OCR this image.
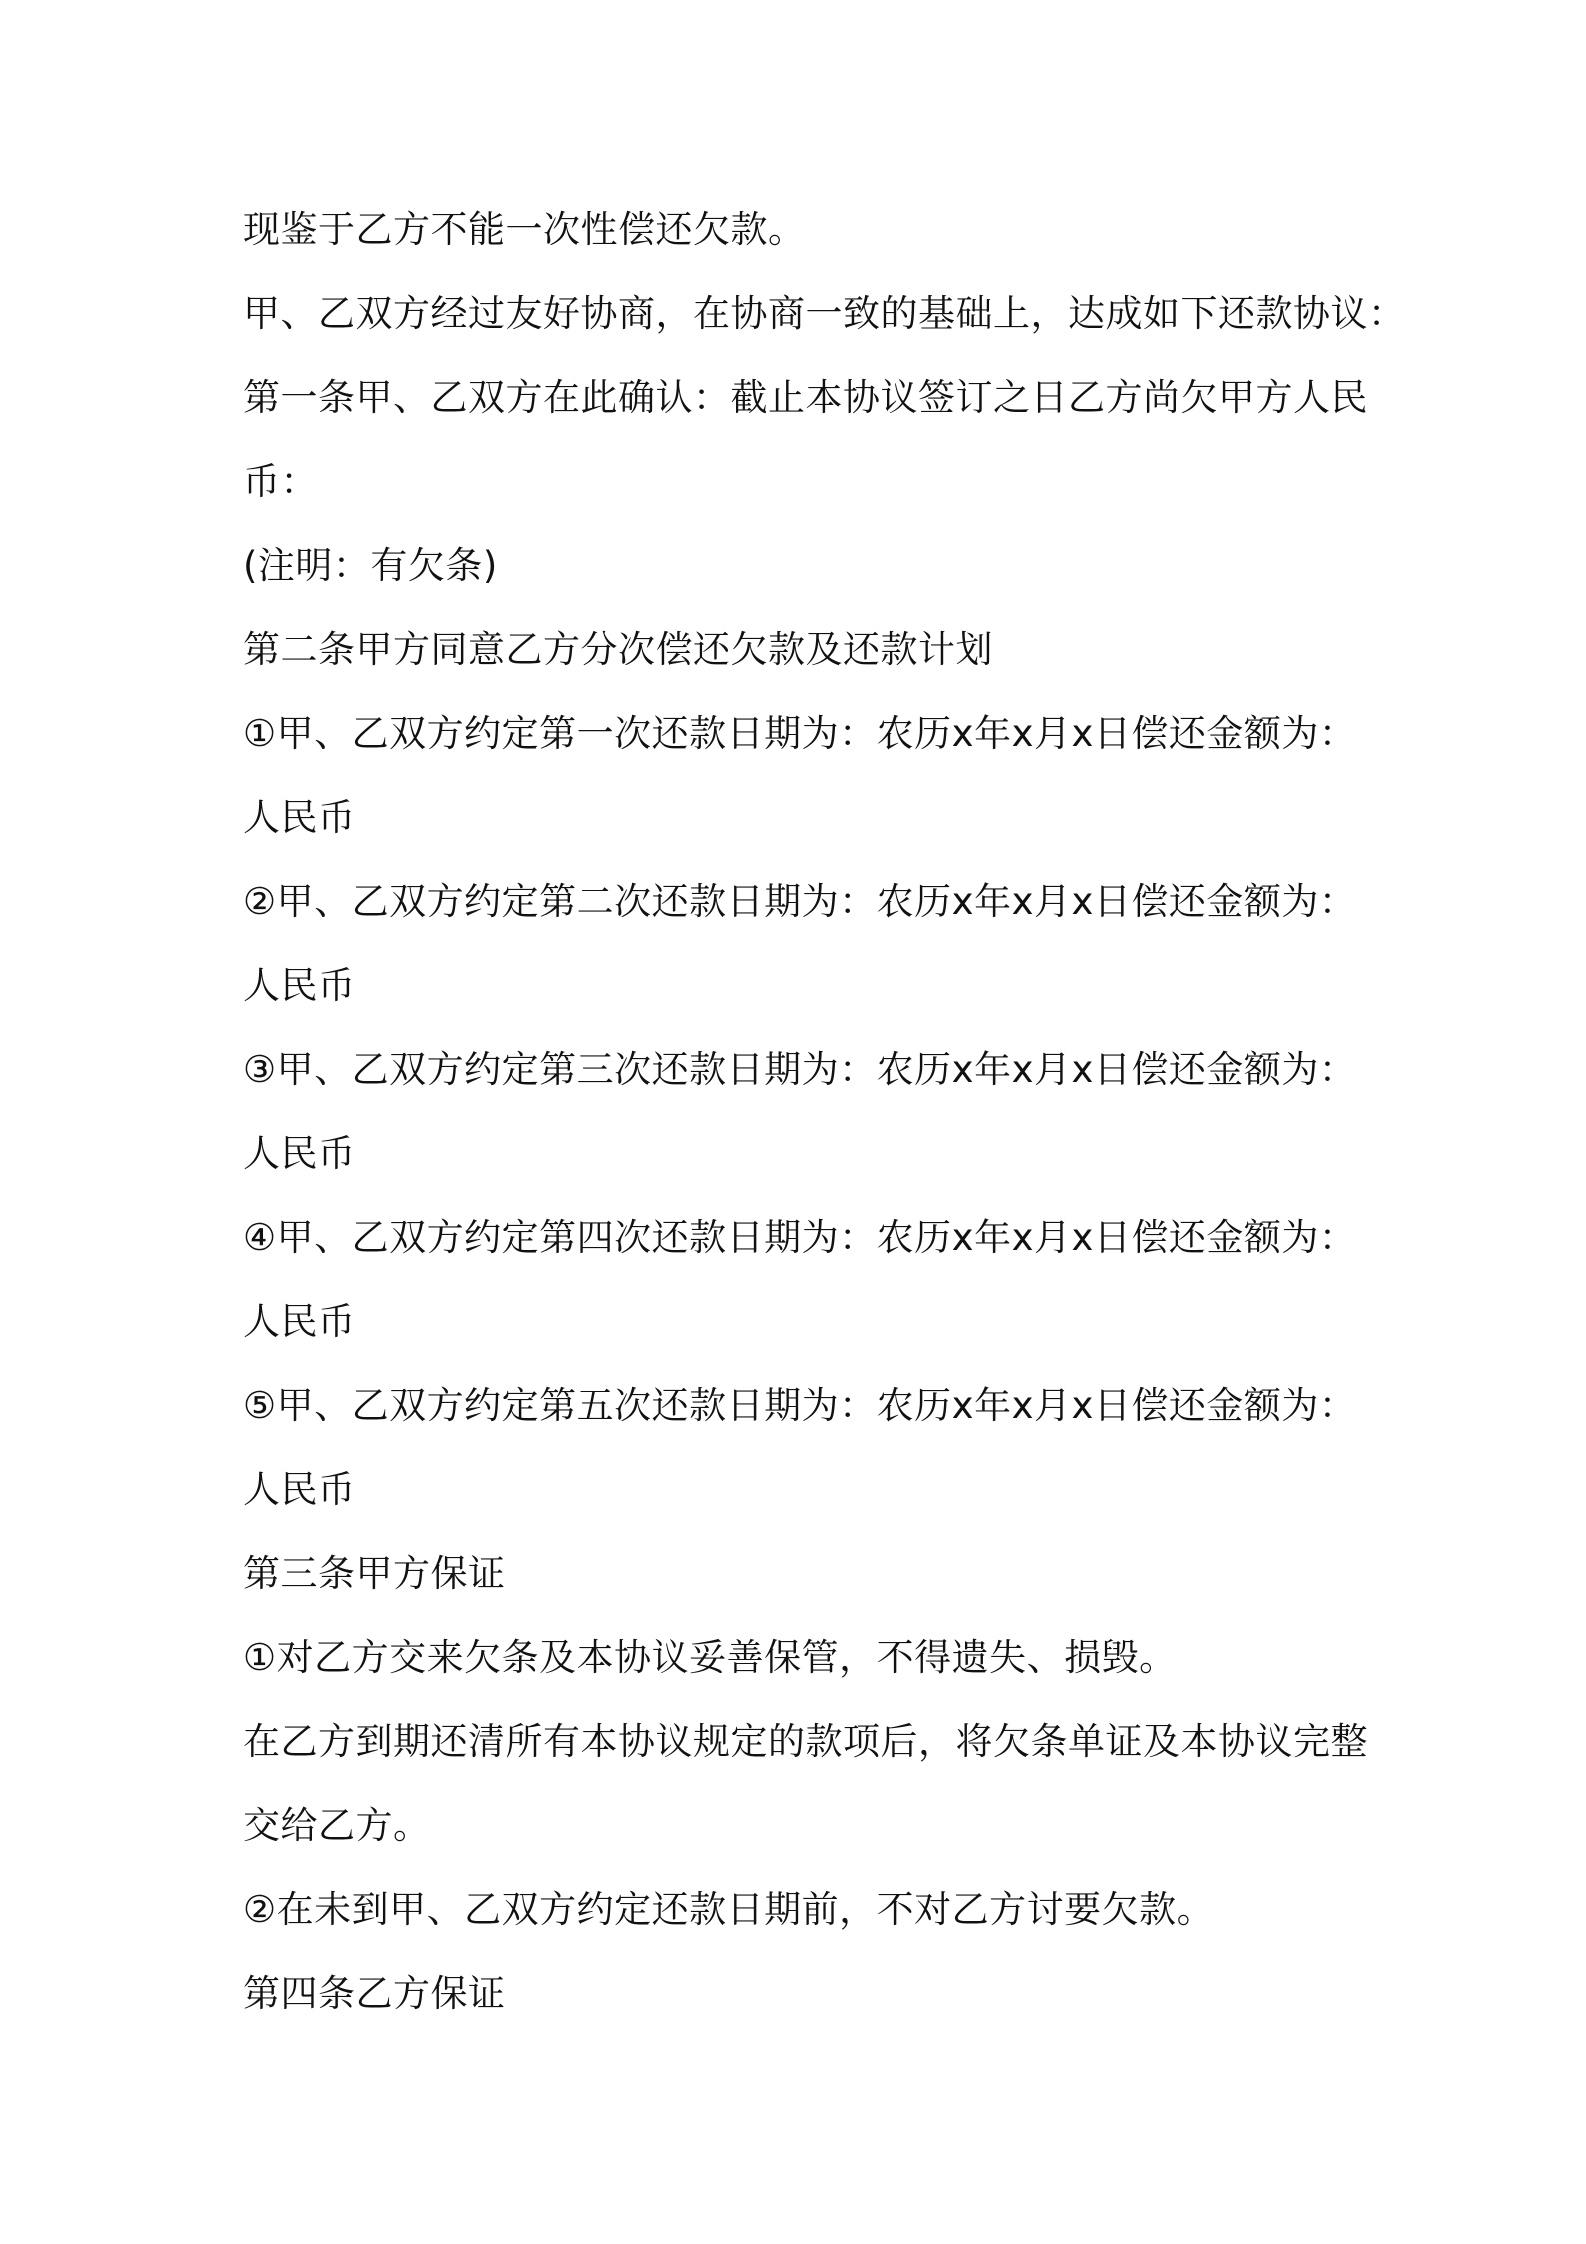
现鉴于乙方不能一次性偿还欠款。
甲、乙双方经过友好协商，在协商一致的基础上，达成如下还款协议：
第一条甲、乙双方在此确认：截止本协议签订之日乙方尚欠甲方人民
币：
(注明：有欠条)
第二条甲方同意乙方分次偿还欠款及还款计划
①甲、乙双方约定第一次还款日期为：农历x年x月x日偿还金额为：
人民币
②甲、乙双方约定第二次还款日期为：农历x年x月x日偿还金额为：
人民币
③甲、乙双方约定第三次还款日期为：农历x年x月x日偿还金额为：
人民币
④甲、乙双方约定第四次还款日期为：农历x年x月x日偿还金额为：
人民币
⑤甲、乙双方约定第五次还款日期为：农历x年x月x日偿还金额为：
人民币
第三条甲方保证
①对乙方交来欠条及本协议妥善保管，不得遗失、损毁。
在乙方到期还清所有本协议规定的款项后，将欠条单证及本协议完整
交给乙方。
②在未到甲、乙双方约定还款日期前，不对乙方讨要欠款。
第四条乙方保证
